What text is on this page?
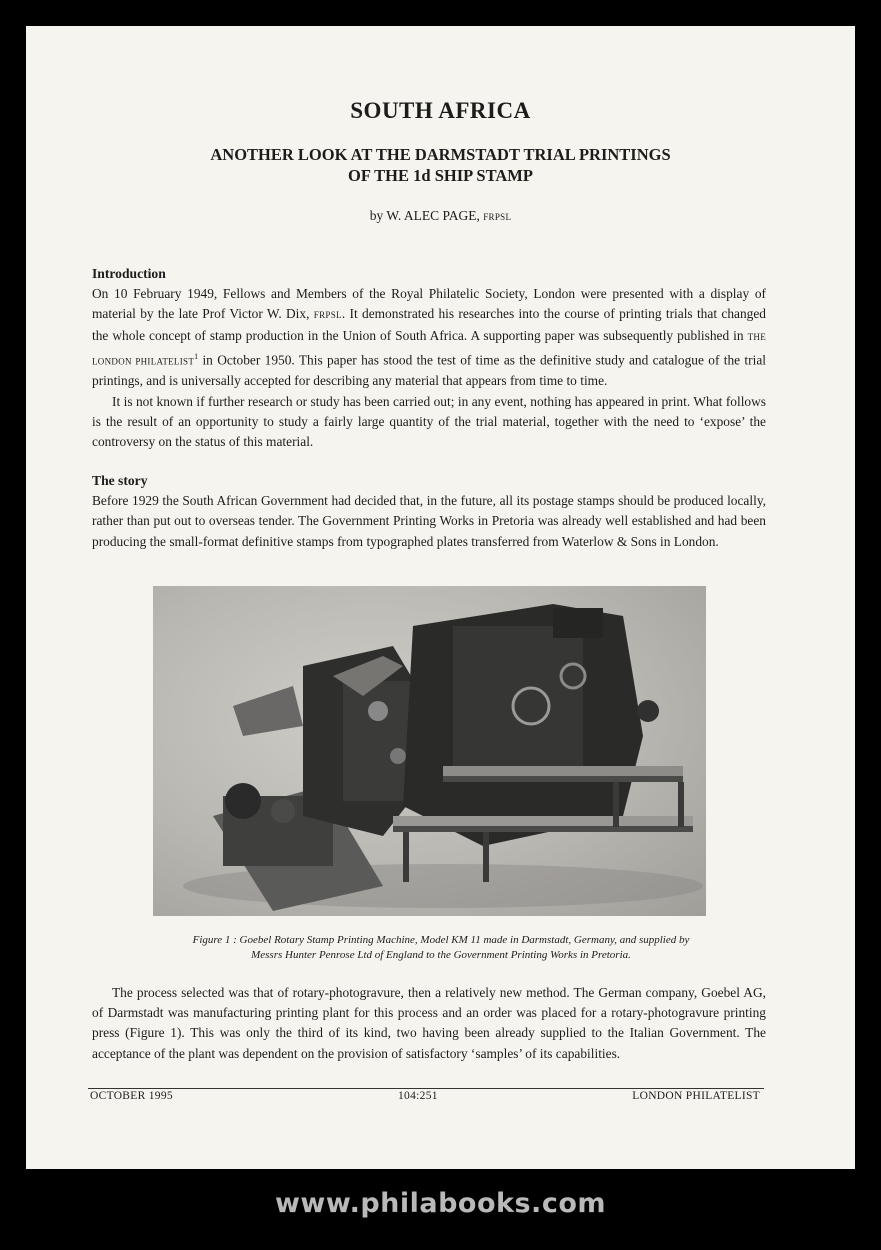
SOUTH AFRICA
ANOTHER LOOK AT THE DARMSTADT TRIAL PRINTINGS
OF THE 1d SHIP STAMP
by W. ALEC PAGE, FRPSL
Introduction

On 10 February 1949, Fellows and Members of the Royal Philatelic Society, London were presented with a display of material by the late Prof Victor W. Dix, FRPSL. It demonstrated his researches into the course of printing trials that changed the whole concept of stamp production in the Union of South Africa. A supporting paper was subsequently published in THE LONDON PHILATELIST$^1$ in October 1950. This paper has stood the test of time as the definitive study and catalogue of the trial printings, and is universally accepted for describing any material that appears from time to time.

It is not known if further research or study has been carried out; in any event, nothing has appeared in print. What follows is the result of an opportunity to study a fairly large quantity of the trial material, together with the need to ‘expose’ the controversy on the status of this material.

The story

Before 1929 the South African Government had decided that, in the future, all its postage stamps should be produced locally, rather than put out to overseas tender. The Government Printing Works in Pretoria was already well established and had been producing the small-format definitive stamps from typographed plates transferred from Waterlow & Sons in London.

Figure 1 : Goebel Rotary Stamp Printing Machine, Model KM 11 made in Darmstadt, Germany, and supplied by
Messrs Hunter Penrose Ltd of England to the Government Printing Works in Pretoria.

The process selected was that of rotary-photogravure, then a relatively new method. The German company, Goebel AG, of Darmstadt was manufacturing printing plant for this process and an order was placed for a rotary-photogravure printing press (Figure 1). This was only the third of its kind, two having been already supplied to the Italian Government. The acceptance of the plant was dependent on the provision of satisfactory ‘samples’ of its capabilities.

OCTOBER 1995	104:251	LONDON PHILATELIST
www.philabooks.com
